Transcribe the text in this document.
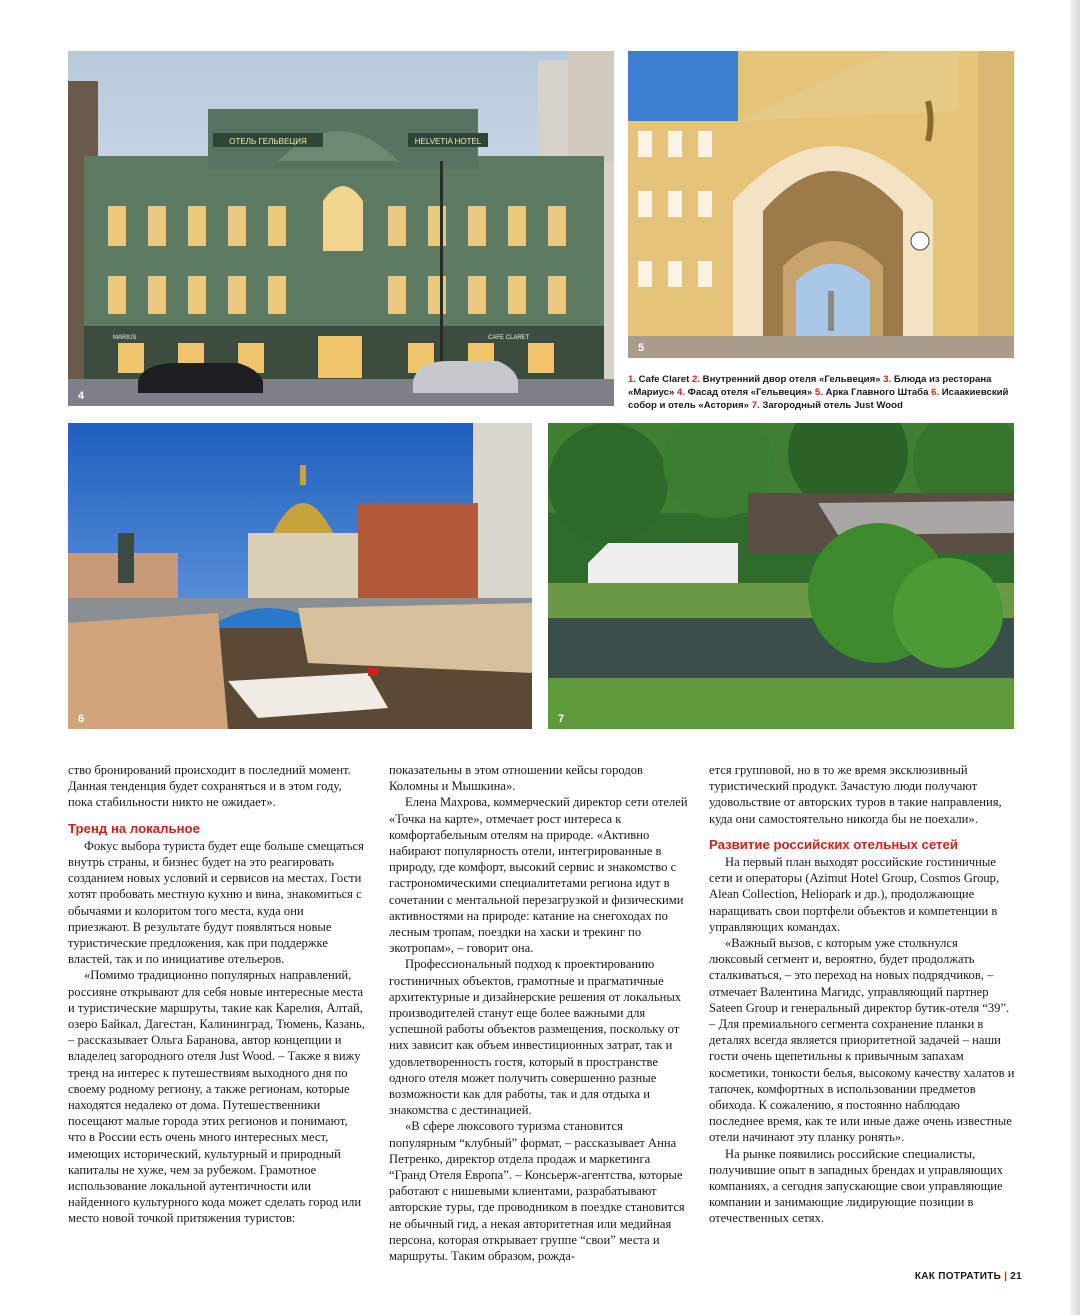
ОТЕЛЬ ГЕЛЬВЕЦИЯ	HELVETIA HOTEL
MARIUS	CAFE CLARET
4
5
1. Cafe Claret 2. Внутренний двор отеля «Гельвеция» 3. Блюда из ресторана «Мариус» 4. Фасад отеля «Гельвеция» 5. Арка Главного Штаба 6. Исаакиевский собор и отель «Астория» 7. Загородный отель Just Wood
6	7

ство бронирований происходит в последний момент. Данная тенденция будет сохраняться и в этом году, пока стабильности никто не ожидает».

Тренд на локальное

Фокус выбора туриста будет еще больше смещаться внутрь страны, и бизнес будет на это реагировать созданием новых условий и сервисов на местах. Гости хотят пробовать местную кухню и вина, знакомиться с обычаями и колоритом того места, куда они приезжают. В результате будут появляться новые туристические предложения, как при поддержке властей, так и по инициативе отельеров.

«Помимо традиционно популярных направлений, россияне открывают для себя новые интересные места и туристические маршруты, такие как Карелия, Алтай, озеро Байкал, Дагестан, Калининград, Тюмень, Казань, – рассказывает Ольга Баранова, автор концепции и владелец загородного отеля Just Wood. – Также я вижу тренд на интерес к путешествиям выходного дня по своему родному региону, а также регионам, которые находятся недалеко от дома. Путешественники посещают малые города этих регионов и понимают, что в России есть очень много интересных мест, имеющих исторический, культурный и природный капиталы не хуже, чем за рубежом. Грамотное использование локальной аутентичности или найденного культурного кода может сделать город или место новой точкой притяжения туристов:

показательны в этом отношении кейсы городов Коломны и Мышкина».

Елена Махрова, коммерческий директор сети отелей «Точка на карте», отмечает рост интереса к комфортабельным отелям на природе. «Активно набирают популярность отели, интегрированные в природу, где комфорт, высокий сервис и знакомство с гастрономическими специалитетами региона идут в сочетании с ментальной перезагрузкой и физическими активностями на природе: катание на снегоходах по лесным тропам, поездки на хаски и трекинг по экотропам», – говорит она.

Профессиональный подход к проектированию гостиничных объектов, грамотные и прагматичные архитектурные и дизайнерские решения от локальных производителей станут еще более важными для успешной работы объектов размещения, поскольку от них зависит как объем инвестиционных затрат, так и удовлетворенность гостя, который в пространстве одного отеля может получить совершенно разные возможности как для работы, так и для отдыха и знакомства с дестинацией.

«В сфере люксового туризма становится популярным “клубный” формат, – рассказывает Анна Петренко, директор отдела продаж и маркетинга “Гранд Отеля Европа”. – Консьерж-агентства, которые работают с нишевыми клиентами, разрабатывают авторские туры, где проводником в поездке становится не обычный гид, а некая авторитетная или медийная персона, которая открывает группе “свои” места и маршруты. Таким образом, рожда-

ется групповой, но в то же время эксклюзивный туристический продукт. Зачастую люди получают удовольствие от авторских туров в такие направления, куда они самостоятельно никогда бы не поехали».

Развитие российских отельных сетей

На первый план выходят российские гостиничные сети и операторы (Azimut Hotel Group, Cosmos Group, Alean Collection, Heliopark и др.), продолжающие наращивать свои портфели объектов и компетенции в управляющих командах.

«Важный вызов, с которым уже столкнулся люксовый сегмент и, вероятно, будет продолжать сталкиваться, – это переход на новых подрядчиков, – отмечает Валентина Магидс, управляющий партнер Sateen Group и генеральный директор бутик-отеля “39”. – Для премиального сегмента сохранение планки в деталях всегда является приоритетной задачей – наши гости очень щепетильны к привычным запахам косметики, тонкости белья, высокому качеству халатов и тапочек, комфортных в использовании предметов обихода. К сожалению, я постоянно наблюдаю последнее время, как те или иные даже очень известные отели начинают эту планку ронять».

На рынке появились российские специалисты, получившие опыт в западных брендах и управляющих компаниях, а сегодня запускающие свои управляющие компании и занимающие лидирующие позиции в отечественных сетях.

КАК ПОТРАТИТЬ | 21
